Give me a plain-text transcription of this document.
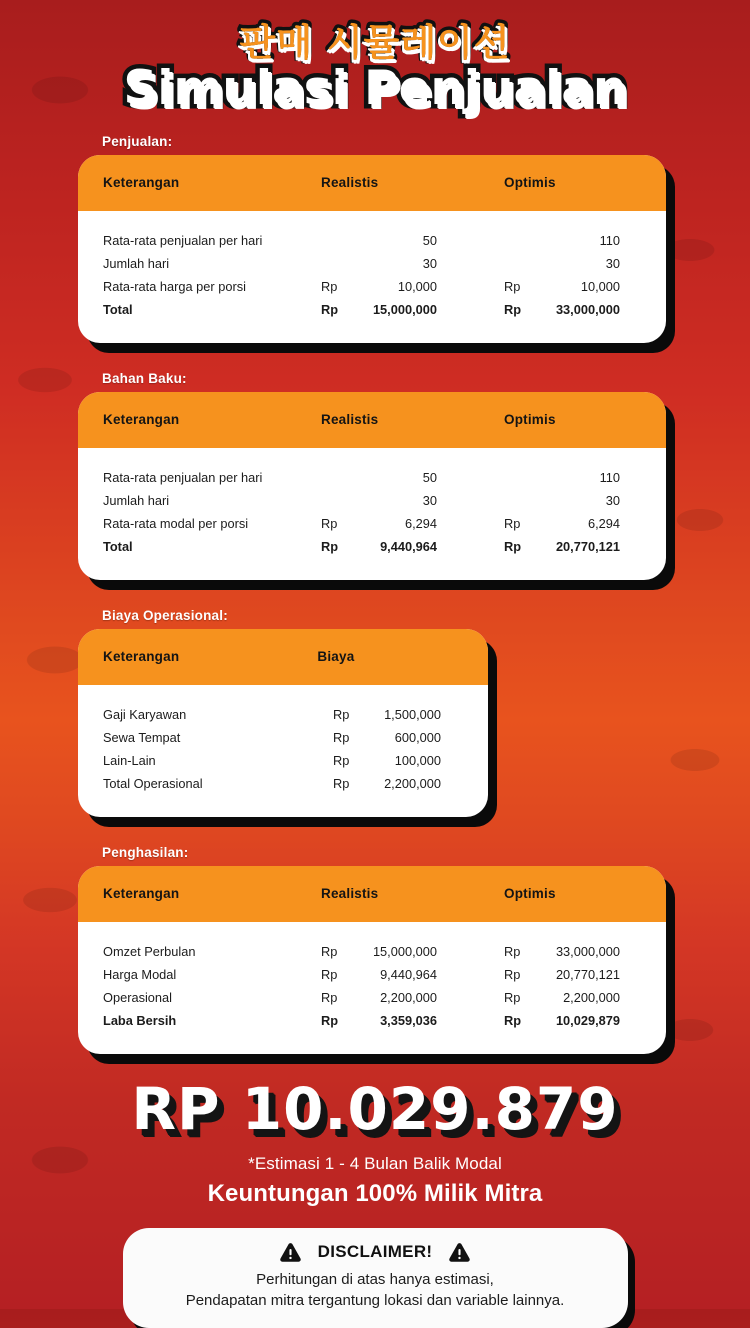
판매 시뮬레이션
Simulasi Penjualan
Penjualan:
Keterangan	Realistis	Optimis
Rata-rata penjualan per hari	50	110
Jumlah hari	30	30
Rata-rata harga per porsi	Rp	10,000	Rp	10,000
Total	Rp	15,000,000	Rp	33,000,000
Bahan Baku:
Keterangan	Realistis	Optimis
Rata-rata penjualan per hari	50	110
Jumlah hari	30	30
Rata-rata modal per porsi	Rp	6,294	Rp	6,294
Total	Rp	9,440,964	Rp	20,770,121
Biaya Operasional:
Keterangan	Biaya
Gaji Karyawan	Rp	1,500,000
Sewa Tempat	Rp	600,000
Lain-Lain	Rp	100,000
Total Operasional	Rp	2,200,000
Penghasilan:
Keterangan	Realistis	Optimis
Omzet Perbulan	Rp	15,000,000	Rp	33,000,000
Harga Modal	Rp	9,440,964	Rp	20,770,121
Operasional	Rp	2,200,000	Rp	2,200,000
Laba Bersih	Rp	3,359,036	Rp	10,029,879
RP 10.029.879
*Estimasi 1 - 4 Bulan Balik Modal
Keuntungan 100% Milik Mitra
DISCLAIMER!
Perhitungan di atas hanya estimasi,
Pendapatan mitra tergantung lokasi dan variable lainnya.
